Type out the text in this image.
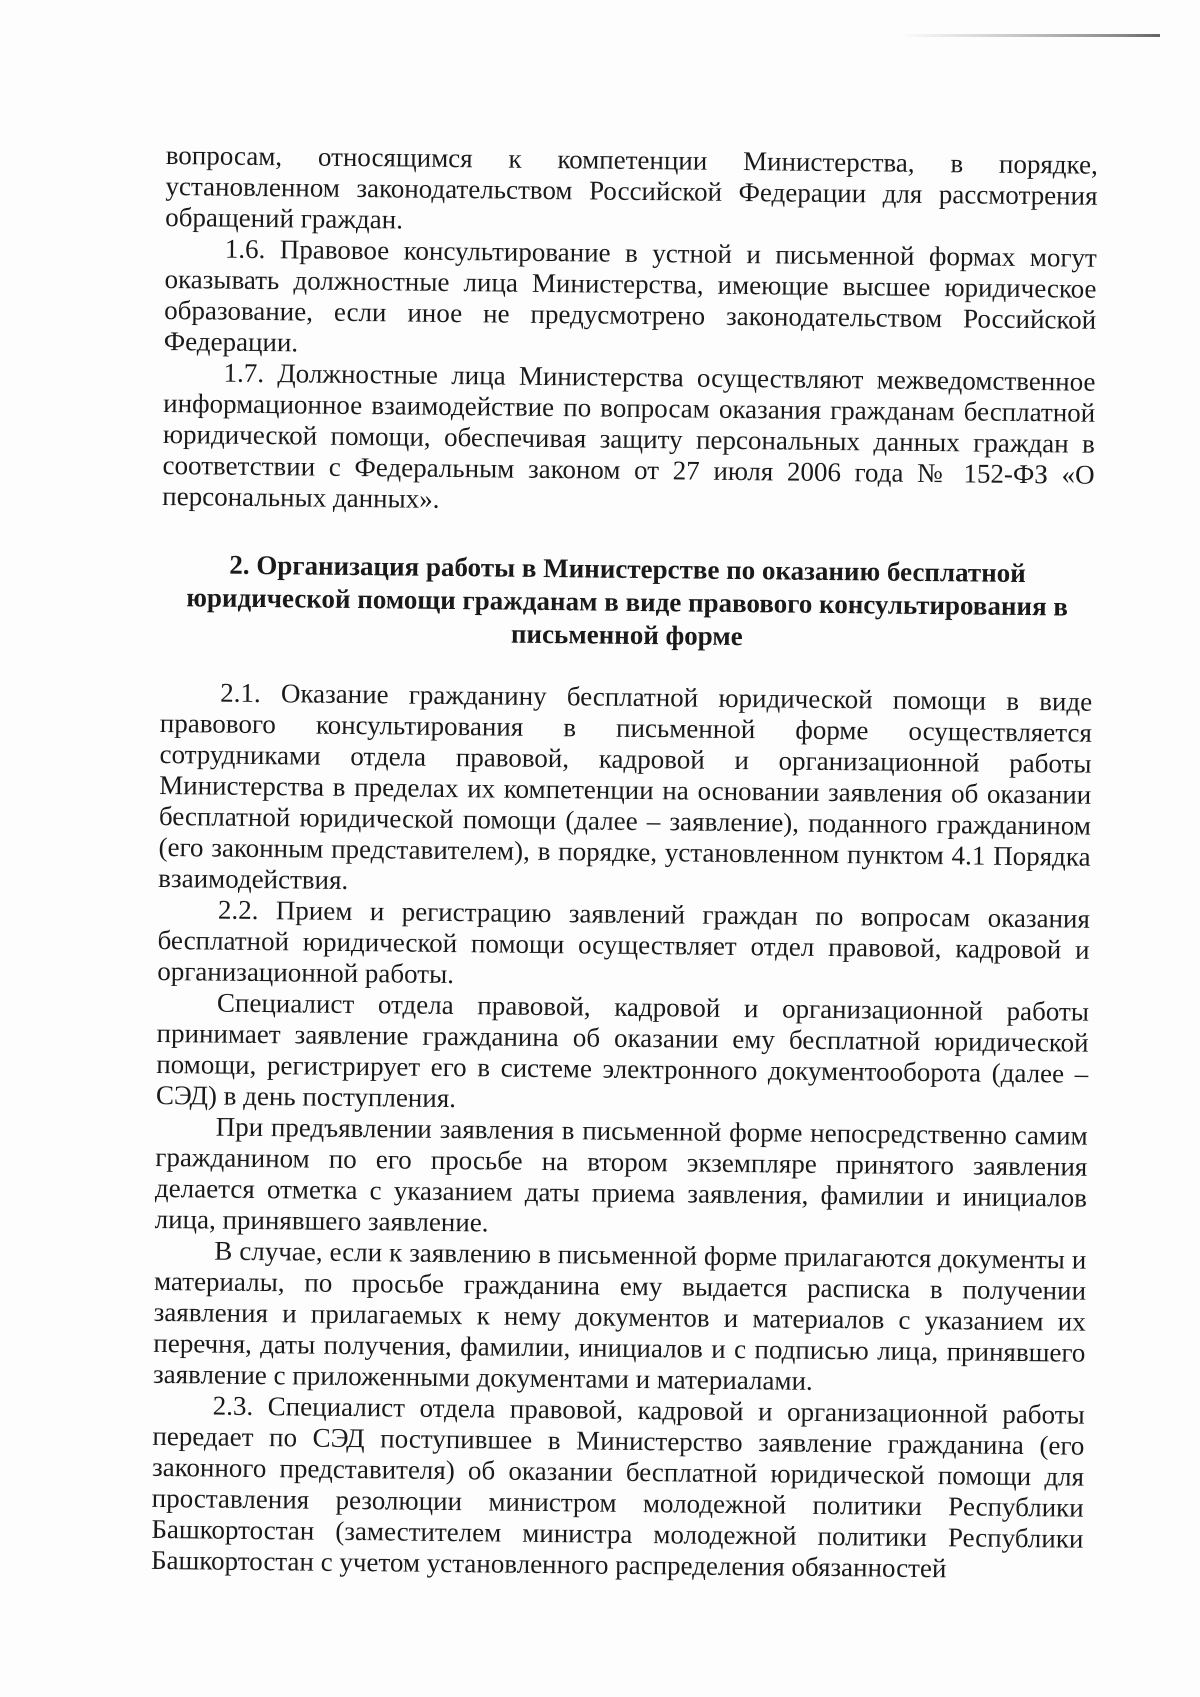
вопросам, относящимся к компетенции Министерства, в порядке, установленном законодательством Российской Федерации для рассмотрения обращений граждан.

1.6. Правовое консультирование в устной и письменной формах могут оказывать должностные лица Министерства, имеющие высшее юридическое образование, если иное не предусмотрено законодательством Российской Федерации.

1.7. Должностные лица Министерства осуществляют межведомственное информационное взаимодействие по вопросам оказания гражданам бесплатной юридической помощи, обеспечивая защиту персональных данных граждан в соответствии с Федеральным законом от 27 июля 2006 года № 152-ФЗ «О персональных данных».

2. Организация работы в Министерстве по оказанию бесплатной юридической помощи гражданам в виде правового консультирования в письменной форме

2.1. Оказание гражданину бесплатной юридической помощи в виде правового консультирования в письменной форме осуществляется сотрудниками отдела правовой, кадровой и организационной работы Министерства в пределах их компетенции на основании заявления об оказании бесплатной юридической помощи (далее – заявление), поданного гражданином (его законным представителем), в порядке, установленном пунктом 4.1 Порядка взаимодействия.

2.2. Прием и регистрацию заявлений граждан по вопросам оказания бесплатной юридической помощи осуществляет отдел правовой, кадровой и организационной работы.

Специалист отдела правовой, кадровой и организационной работы принимает заявление гражданина об оказании ему бесплатной юридической помощи, регистрирует его в системе электронного документооборота (далее – СЭД) в день поступления.

При предъявлении заявления в письменной форме непосредственно самим гражданином по его просьбе на втором экземпляре принятого заявления делается отметка с указанием даты приема заявления, фамилии и инициалов лица, принявшего заявление.

В случае, если к заявлению в письменной форме прилагаются документы и материалы, по просьбе гражданина ему выдается расписка в получении заявления и прилагаемых к нему документов и материалов с указанием их перечня, даты получения, фамилии, инициалов и с подписью лица, принявшего заявление с приложенными документами и материалами.

2.3. Специалист отдела правовой, кадровой и организационной работы передает по СЭД поступившее в Министерство заявление гражданина (его законного представителя) об оказании бесплатной юридической помощи для проставления резолюции министром молодежной политики Республики Башкортостан (заместителем министра молодежной политики Республики Башкортостан с учетом установленного распределения обязанностей
